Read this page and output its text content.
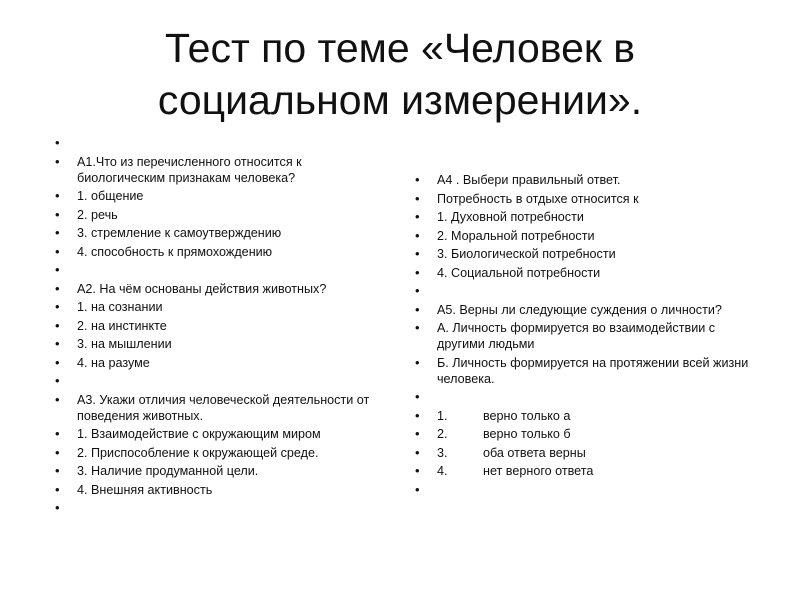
Тест по теме «Человек в
социальном измерении».
•
• А1.Что из перечисленного относится к биологическим признакам человека?
• 1. общение
• 2. речь
• 3. стремление к самоутверждению
• 4. способность к прямохождению
•
• А2. На чём основаны действия животных?
• 1. на сознании
• 2. на инстинкте
• 3. на мышлении
• 4. на разуме
•
• А3. Укажи отличия человеческой деятельности от поведения животных.
• 1. Взаимодействие с окружающим миром
• 2. Приспособление к окружающей среде.
• 3. Наличие продуманной цели.
• 4. Внешняя активность
•
• А4 . Выбери правильный ответ.
• Потребность в отдыхе относится к
• 1. Духовной потребности
• 2. Моральной потребности
• 3. Биологической потребности
• 4. Социальной потребности
•
• А5. Верны ли следующие суждения о личности?
• А. Личность формируется во взаимодействии с другими людьми
• Б. Личность формируется на протяжении всей жизни человека.
•
• 1.	верно только а
• 2.	верно только б
• 3.	оба ответа верны
• 4.	нет верного ответа
•
